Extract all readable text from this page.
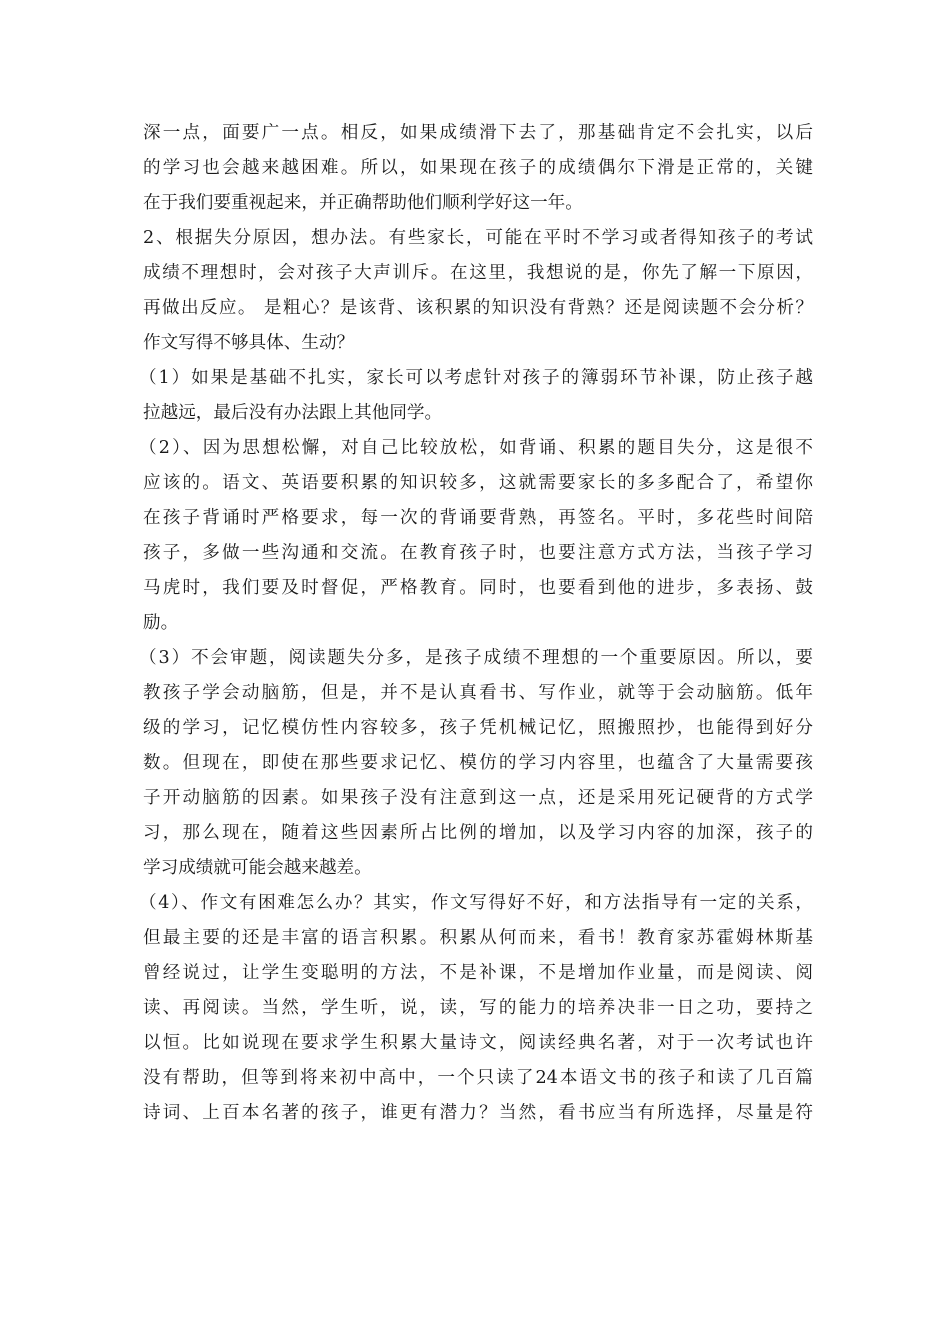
深一点，面要广一点。相反，如果成绩滑下去了，那基础肯定不会扎实，以后
的学习也会越来越困难。所以，如果现在孩子的成绩偶尔下滑是正常的，关键
在于我们要重视起来，并正确帮助他们顺利学好这一年。
2、根据失分原因，想办法。有些家长，可能在平时不学习或者得知孩子的考试
成绩不理想时，会对孩子大声训斥。在这里，我想说的是，你先了解一下原因，
再做出反应。 是粗心？是该背、该积累的知识没有背熟？还是阅读题不会分析？
作文写得不够具体、生动？
（1）如果是基础不扎实，家长可以考虑针对孩子的簿弱环节补课，防止孩子越
拉越远，最后没有办法跟上其他同学。
（2）、因为思想松懈，对自己比较放松，如背诵、积累的题目失分，这是很不
应该的。语文、英语要积累的知识较多，这就需要家长的多多配合了，希望你
在孩子背诵时严格要求，每一次的背诵要背熟，再签名。平时，多花些时间陪
孩子，多做一些沟通和交流。在教育孩子时，也要注意方式方法，当孩子学习
马虎时，我们要及时督促，严格教育。同时，也要看到他的进步，多表扬、鼓
励。
（3）不会审题，阅读题失分多，是孩子成绩不理想的一个重要原因。所以，要
教孩子学会动脑筋，但是，并不是认真看书、写作业，就等于会动脑筋。低年
级的学习，记忆模仿性内容较多，孩子凭机械记忆，照搬照抄，也能得到好分
数。但现在，即使在那些要求记忆、模仿的学习内容里，也蕴含了大量需要孩
子开动脑筋的因素。如果孩子没有注意到这一点，还是采用死记硬背的方式学
习，那么现在，随着这些因素所占比例的增加，以及学习内容的加深，孩子的
学习成绩就可能会越来越差。
（4）、作文有困难怎么办？其实，作文写得好不好，和方法指导有一定的关系，
但最主要的还是丰富的语言积累。积累从何而来，看书！教育家苏霍姆林斯基
曾经说过，让学生变聪明的方法，不是补课，不是增加作业量，而是阅读、阅
读、再阅读。当然，学生听，说，读，写的能力的培养决非一日之功，要持之
以恒。比如说现在要求学生积累大量诗文，阅读经典名著，对于一次考试也许
没有帮助，但等到将来初中高中，一个只读了24本语文书的孩子和读了几百篇
诗词、上百本名著的孩子，谁更有潜力？当然，看书应当有所选择，尽量是符
